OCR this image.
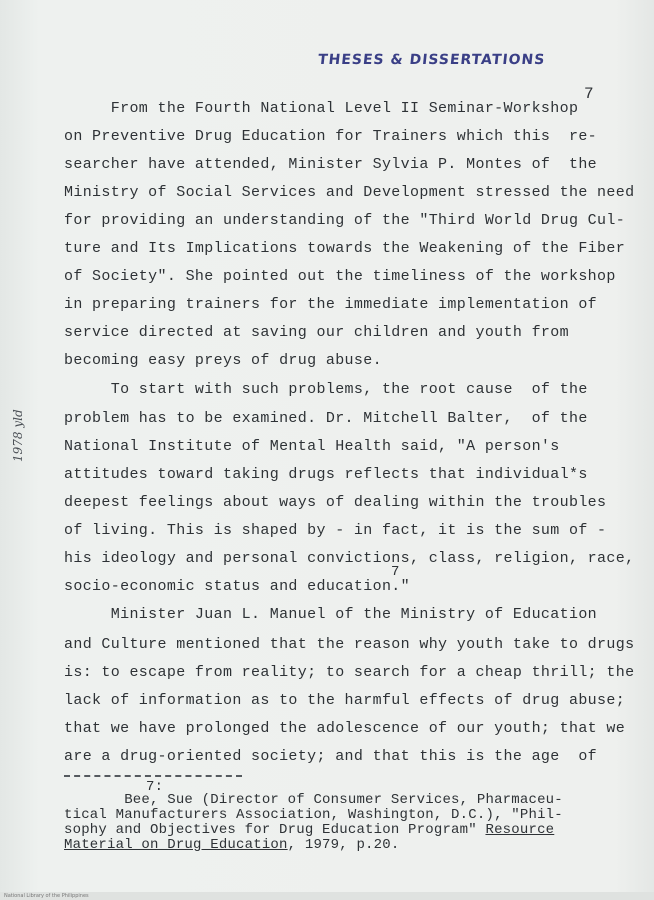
THESES & DISSERTATIONS
7
1978 yld
From the Fourth National Level II Seminar-Workshop
on Preventive Drug Education for Trainers which this  re-
searcher have attended, Minister Sylvia P. Montes of  the
Ministry of Social Services and Development stressed the need
for providing an understanding of the "Third World Drug Cul-
ture and Its Implications towards the Weakening of the Fiber
of Society". She pointed out the timeliness of the workshop
in preparing trainers for the immediate implementation of
service directed at saving our children and youth from
becoming easy preys of drug abuse.
To start with such problems, the root cause  of the
problem has to be examined. Dr. Mitchell Balter,  of the
National Institute of Mental Health said, "A person's
attitudes toward taking drugs reflects that individual*s
deepest feelings about ways of dealing within the troubles
of living. This is shaped by - in fact, it is the sum of -
his ideology and personal convictions, class, religion, race,
socio-economic status and education."
7
Minister Juan L. Manuel of the Ministry of Education
and Culture mentioned that the reason why youth take to drugs
is: to escape from reality; to search for a cheap thrill; the
lack of information as to the harmful effects of drug abuse;
that we have prolonged the adolescence of our youth; that we
are a drug-oriented society; and that this is the age  of
7:
Bee, Sue (Director of Consumer Services, Pharmaceu-
tical Manufacturers Association, Washington, D.C.), "Phil-
sophy and Objectives for Drug Education Program" Resource
Material on Drug Education, 1979, p.20.
National Library of the Philippines
